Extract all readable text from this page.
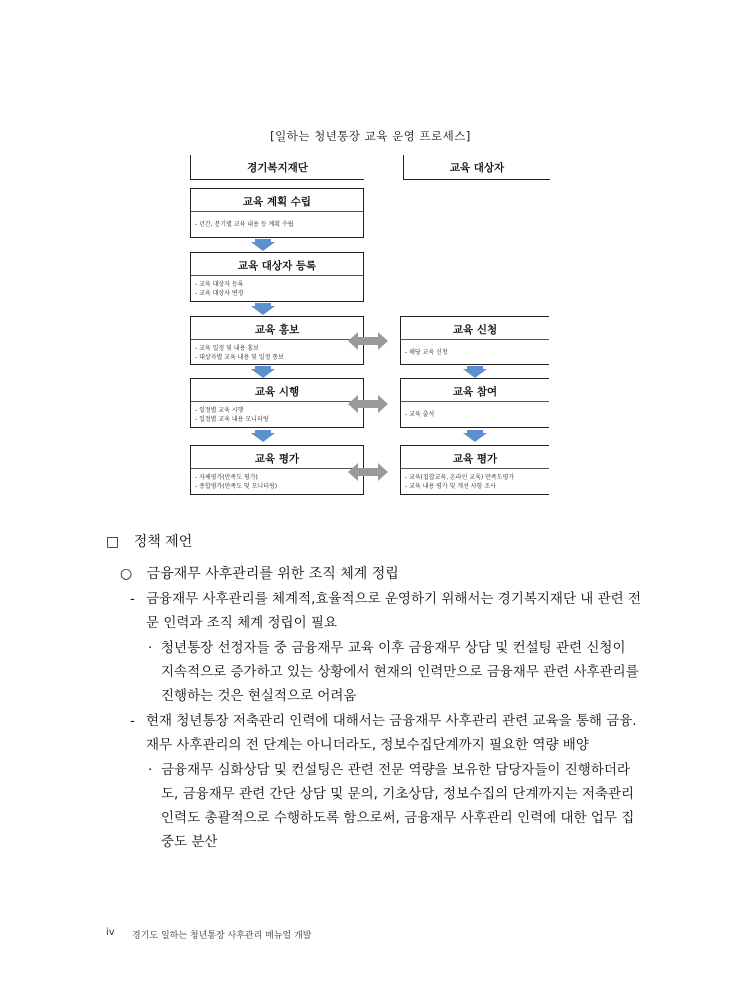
[일하는 청년통장 교육 운영 프로세스]
경기복지재단	교육 대상자
교육 계획 수립
- 년간, 분기별 교육 내용 등 계획 수립
교육 대상자 등록
- 교육 대상자 등록
- 교육 대상자 변경
교육 홍보
- 교육 일정 및 내용 홍보
- 대상자별 교육 내용 및 일정 통보
교육 시행
- 일정별 교육 시행
- 일정별 교육 내용 모니터링
교육 평가
- 자체평가(만족도 평가)
- 종합평가(만족도 및 모니터링)
교육 신청
- 해당 교육 신청
교육 참여
- 교육 출석
교육 평가
- 교육(집합교육, 온라인 교육) 만족도평가
- 교육 내용 평가 및 개선 사항 조사
□ 정책 제언
○ 금융재무 사후관리를 위한 조직 체계 정립
- 금융재무 사후관리를 체계적,효율적으로 운영하기 위해서는 경기복지재단 내 관련 전
문 인력과 조직 체계 정립이 필요
· 청년통장 선정자들 중 금융재무 교육 이후 금융재무 상담 및 컨설팅 관련 신청이
지속적으로 증가하고 있는 상황에서 현재의 인력만으로 금융재무 관련 사후관리를
진행하는 것은 현실적으로 어려움
- 현재 청년통장 저축관리 인력에 대해서는 금융재무 사후관리 관련 교육을 통해 금융.
재무 사후관리의 전 단계는 아니더라도, 정보수집단계까지 필요한 역량 배양
· 금융재무 심화상담 및 컨설팅은 관련 전문 역량을 보유한 담당자들이 진행하더라
도, 금융재무 관련 간단 상담 및 문의, 기초상담, 정보수집의 단계까지는 저축관리
인력도 총괄적으로 수행하도록 함으로써, 금융재무 사후관리 인력에 대한 업무 집
중도 분산
iv 경기도 일하는 청년통장 사후관리 매뉴얼 개발
